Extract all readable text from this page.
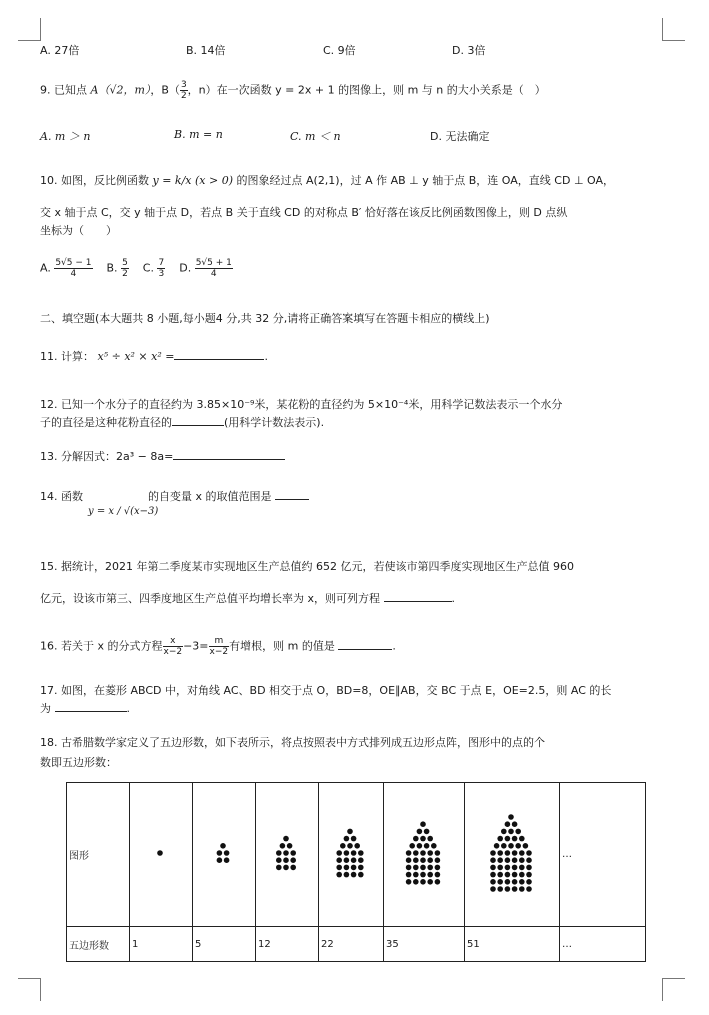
A. 27倍	B. 14倍	C. 9倍	D. 3倍
9. 已知点 A（√2，m），$B( \frac{3}{2}$ ，n）在一次函数 y = 2x + 1 的图像上，则 m 与 n 的大小关系是（　）
A. m ＞ n	B. m = n	C. m ＜ n	D. 无法确定
10. 如图，反比例函数 y = k/x (x > 0) 的图象经过点 A(2,1)，过 A 作 AB ⊥ y 轴于点 B，连 OA，直线 CD ⊥ OA，
交 x 轴于点 C，交 y 轴于点 D，若点 B 关于直线 CD 的对称点 B′ 恰好落在该反比例函数图像上，则 D 点纵
坐标为（　　）
A. $\frac{5√5 - 1}{4} B$. $\frac{5}{2} C$. $\frac{7}{3} D$. $\frac{5√5 + 1}{4}$
二、填空题(本大题共 8 小题,每小题4 分,共 32 分,请将正确答案填写在答题卡相应的横线上)
11. 计算： x⁵ ÷ x² × x² =	.
12. 已知一个水分子的直径约为 3.85×10⁻⁹米，某花粉的直径约为 5×10⁻⁴米，用科学记数法表示一个水分
子的直径是这种花粉直径的	(用科学计数法表示).
13. 分解因式：2a³ − 8a=
14. 函数
y = x / √(x−3)
的自变量 x 的取值范围是
15. 据统计，2021 年第二季度某市实现地区生产总值约 652 亿元，若使该市第四季度实现地区生产总值 960
亿元，设该市第三、四季度地区生产总值平均增长率为 x，则可列方程	.
16. 若关于 x 的分式方程 $\frac{x}{x-2} -3= \frac{m}{x-2}$ 有增根，则 m 的值是	.
17. 如图，在菱形 ABCD 中，对角线 AC、BD 相交于点 O，BD=8，OE∥AB，交 BC 于点 E，OE=2.5，则 AC 的长
为	.
18. 古希腊数学家定义了五边形数，如下表所示，将点按照表中方式排列成五边形点阵，图形中的点的个
数即五边形数：
图形							…
五边形数	1	5	12	22	35	51	…
